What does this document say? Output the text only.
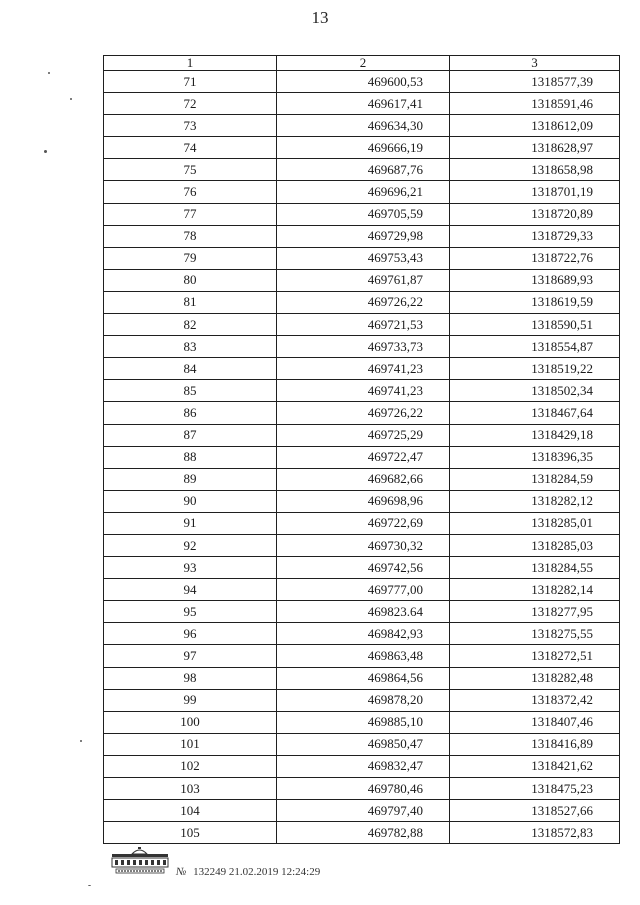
13
1	2	3
71	469600,53	1318577,39
72	469617,41	1318591,46
73	469634,30	1318612,09
74	469666,19	1318628,97
75	469687,76	1318658,98
76	469696,21	1318701,19
77	469705,59	1318720,89
78	469729,98	1318729,33
79	469753,43	1318722,76
80	469761,87	1318689,93
81	469726,22	1318619,59
82	469721,53	1318590,51
83	469733,73	1318554,87
84	469741,23	1318519,22
85	469741,23	1318502,34
86	469726,22	1318467,64
87	469725,29	1318429,18
88	469722,47	1318396,35
89	469682,66	1318284,59
90	469698,96	1318282,12
91	469722,69	1318285,01
92	469730,32	1318285,03
93	469742,56	1318284,55
94	469777,00	1318282,14
95	469823.64	1318277,95
96	469842,93	1318275,55
97	469863,48	1318272,51
98	469864,56	1318282,48
99	469878,20	1318372,42
100	469885,10	1318407,46
101	469850,47	1318416,89
102	469832,47	1318421,62
103	469780,46	1318475,23
104	469797,40	1318527,66
105	469782,88	1318572,83
№ 132249 21.02.2019 12:24:29
